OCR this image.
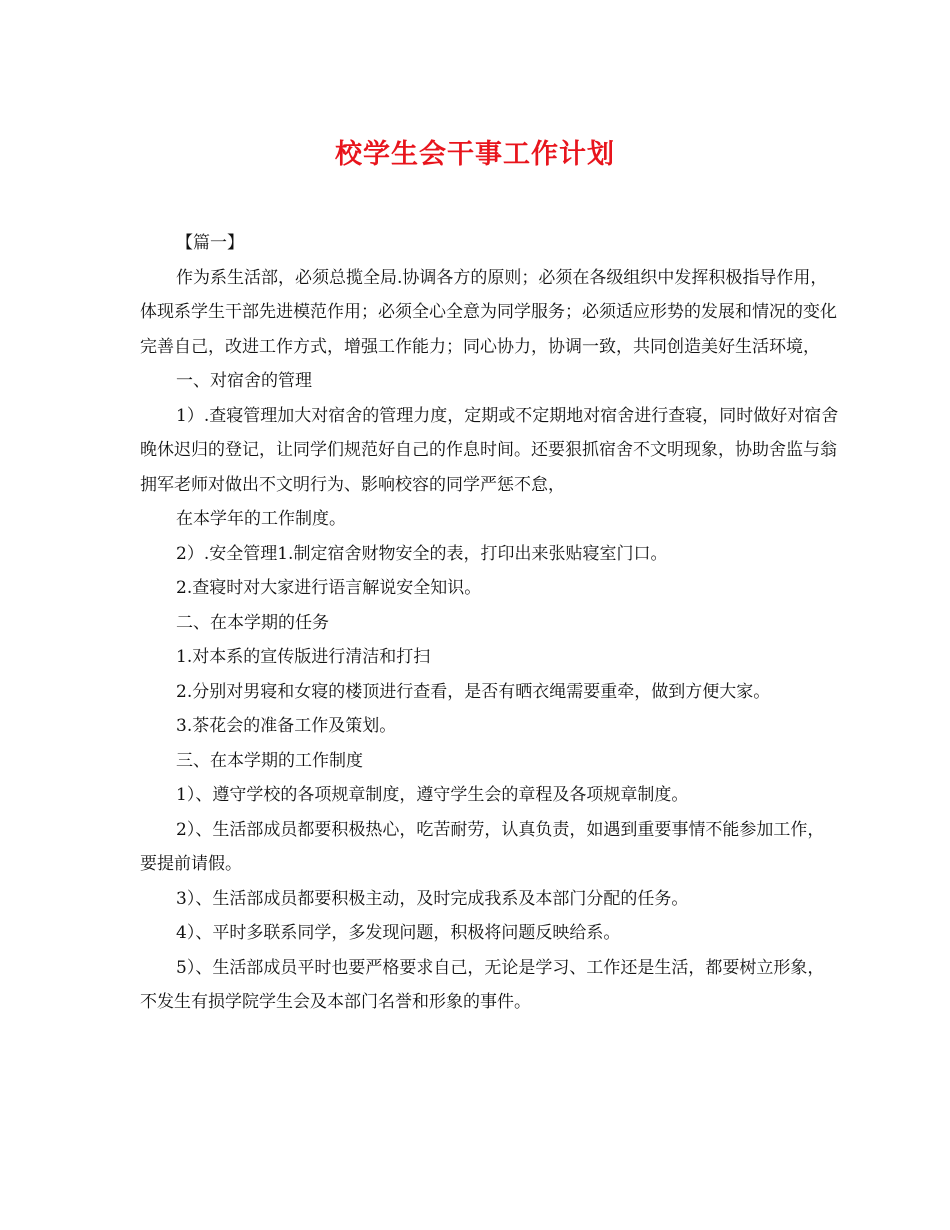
校学生会干事工作计划

【篇一】

作为系生活部，必须总揽全局.协调各方的原则；必须在各级组织中发挥积极指导作用，体现系学生干部先进模范作用；必须全心全意为同学服务；必须适应形势的发展和情况的变化完善自己，改进工作方式，增强工作能力；同心协力，协调一致，共同创造美好生活环境，

一、对宿舍的管理

1）.查寝管理加大对宿舍的管理力度，定期或不定期地对宿舍进行查寝，同时做好对宿舍晚休迟归的登记，让同学们规范好自己的作息时间。还要狠抓宿舍不文明现象，协助舍监与翁拥军老师对做出不文明行为、影响校容的同学严惩不怠，

在本学年的工作制度。

2）.安全管理1.制定宿舍财物安全的表，打印出来张贴寝室门口。

2.查寝时对大家进行语言解说安全知识。

二、在本学期的任务

1.对本系的宣传版进行清洁和打扫

2.分别对男寝和女寝的楼顶进行查看，是否有晒衣绳需要重牵，做到方便大家。

3.茶花会的准备工作及策划。

三、在本学期的工作制度

1）、遵守学校的各项规章制度，遵守学生会的章程及各项规章制度。

2）、生活部成员都要积极热心，吃苦耐劳，认真负责，如遇到重要事情不能参加工作，要提前请假。

3）、生活部成员都要积极主动，及时完成我系及本部门分配的任务。

4）、平时多联系同学，多发现问题，积极将问题反映给系。

5）、生活部成员平时也要严格要求自己，无论是学习、工作还是生活，都要树立形象，不发生有损学院学生会及本部门名誉和形象的事件。
